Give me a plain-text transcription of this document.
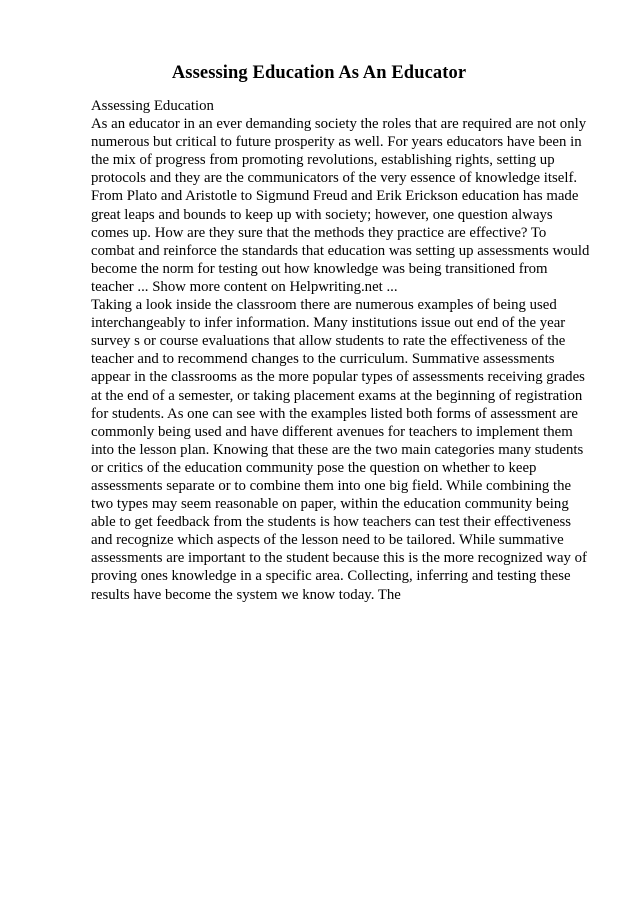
Assessing Education As An Educator

Assessing Education

As an educator in an ever demanding society the roles that are required are not only numerous but critical to future prosperity as well. For years educators have been in the mix of progress from promoting revolutions, establishing rights, setting up protocols and they are the communicators of the very essence of knowledge itself. From Plato and Aristotle to Sigmund Freud and Erik Erickson education has made great leaps and bounds to keep up with society; however, one question always comes up. How are they sure that the methods they practice are effective? To combat and reinforce the standards that education was setting up assessments would become the norm for testing out how knowledge was being transitioned from teacher ... Show more content on Helpwriting.net ...

Taking a look inside the classroom there are numerous examples of being used interchangeably to infer information. Many institutions issue out end of the year survey s or course evaluations that allow students to rate the effectiveness of the teacher and to recommend changes to the curriculum. Summative assessments appear in the classrooms as the more popular types of assessments receiving grades at the end of a semester, or taking placement exams at the beginning of registration for students. As one can see with the examples listed both forms of assessment are commonly being used and have different avenues for teachers to implement them into the lesson plan. Knowing that these are the two main categories many students or critics of the education community pose the question on whether to keep assessments separate or to combine them into one big field. While combining the two types may seem reasonable on paper, within the education community being able to get feedback from the students is how teachers can test their effectiveness and recognize which aspects of the lesson need to be tailored. While summative assessments are important to the student because this is the more recognized way of proving ones knowledge in a specific area. Collecting, inferring and testing these results have become the system we know today. The
